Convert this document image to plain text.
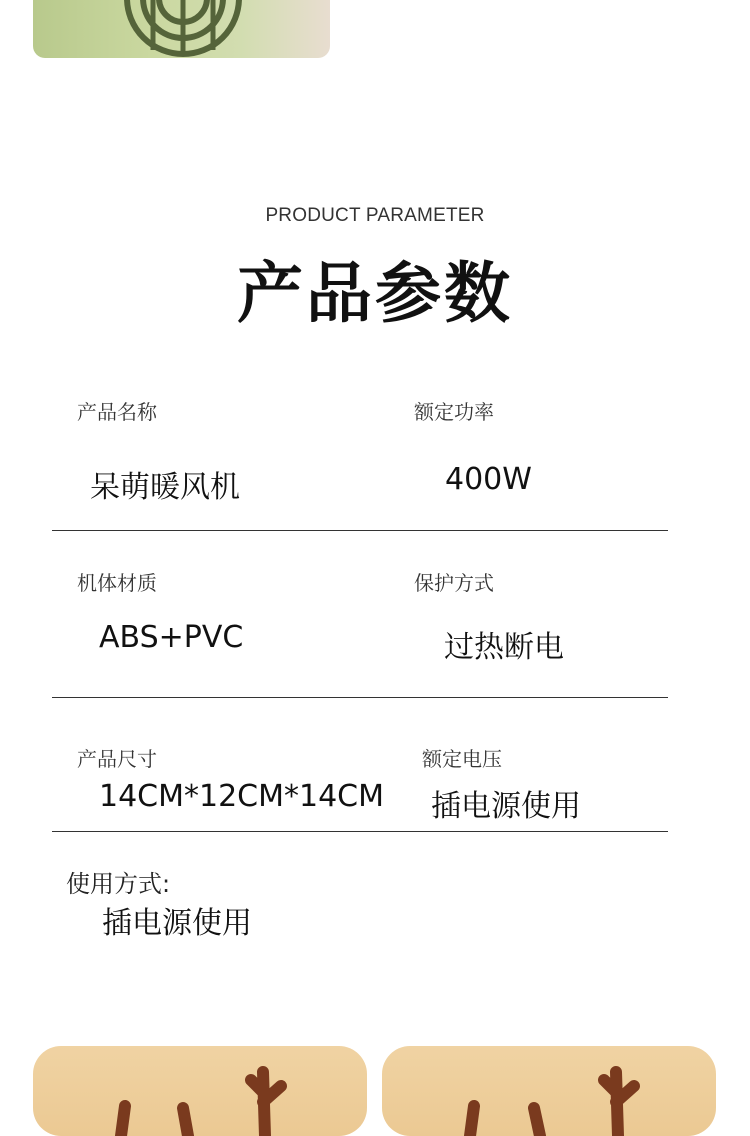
PRODUCT PARAMETER
产品参数
产品名称
呆萌暖风机
额定功率
400W
机体材质
ABS+PVC
保护方式
过热断电
产品尺寸
14CM*12CM*14CM
额定电压
插电源使用
使用方式:
插电源使用
